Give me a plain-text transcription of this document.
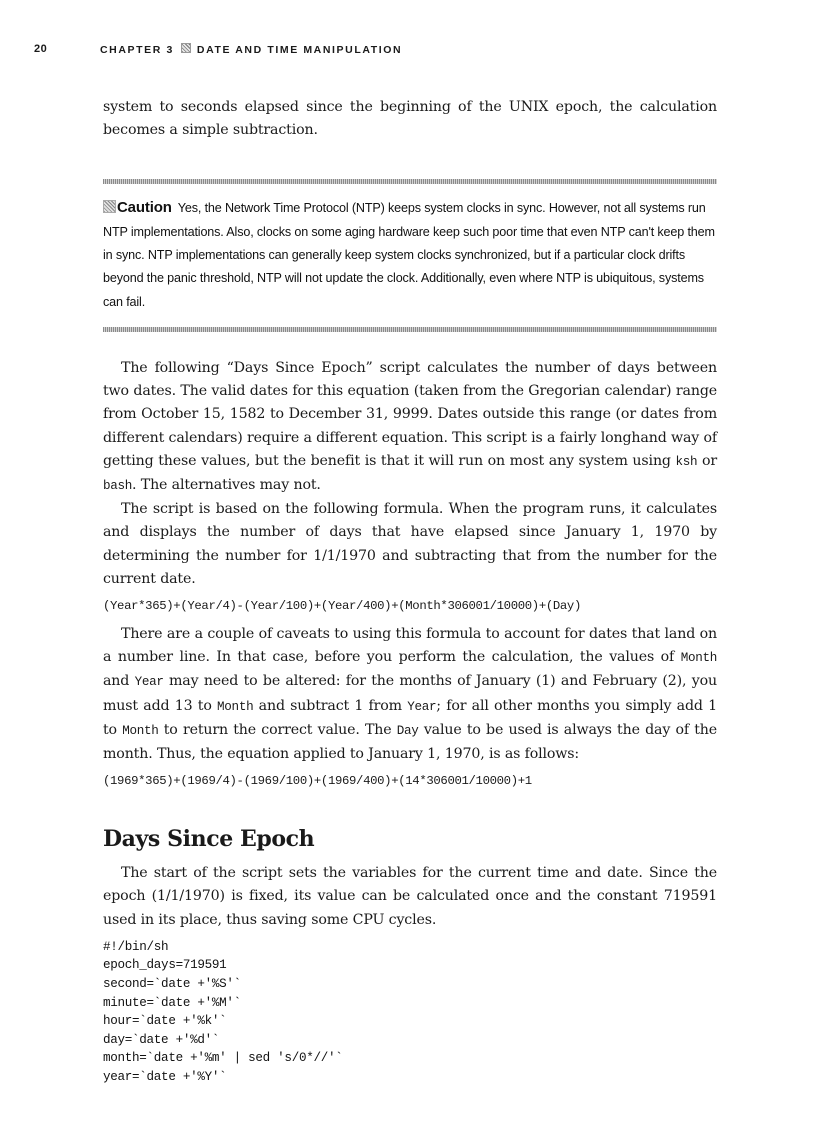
20	CHAPTER 3 DATE AND TIME MANIPULATION

system to seconds elapsed since the beginning of the UNIX epoch, the calculation becomes a simple subtraction.

Caution Yes, the Network Time Protocol (NTP) keeps system clocks in sync. However, not all systems run NTP implementations. Also, clocks on some aging hardware keep such poor time that even NTP can't keep them in sync. NTP implementations can generally keep system clocks synchronized, but if a particular clock drifts beyond the panic threshold, NTP will not update the clock. Additionally, even where NTP is ubiquitous, systems can fail.

The following “Days Since Epoch” script calculates the number of days between two dates. The valid dates for this equation (taken from the Gregorian calendar) range from October 15, 1582 to December 31, 9999. Dates outside this range (or dates from different calendars) require a different equation. This script is a fairly longhand way of getting these values, but the benefit is that it will run on most any system using ksh or bash. The alternatives may not.

The script is based on the following formula. When the program runs, it calculates and displays the number of days that have elapsed since January 1, 1970 by determining the number for 1/1/1970 and subtracting that from the number for the current date.

(Year*365)+(Year/4)-(Year/100)+(Year/400)+(Month*306001/10000)+(Day)

There are a couple of caveats to using this formula to account for dates that land on a number line. In that case, before you perform the calculation, the values of Month and Year may need to be altered: for the months of January (1) and February (2), you must add 13 to Month and subtract 1 from Year; for all other months you simply add 1 to Month to return the correct value. The Day value to be used is always the day of the month. Thus, the equation applied to January 1, 1970, is as follows:

(1969*365)+(1969/4)-(1969/100)+(1969/400)+(14*306001/10000)+1
Days Since Epoch

The start of the script sets the variables for the current time and date. Since the epoch (1/1/1970) is fixed, its value can be calculated once and the constant 719591 used in its place, thus saving some CPU cycles.

#!/bin/sh
epoch_days=719591
second=`date +'%S'`
minute=`date +'%M'`
hour=`date +'%k'`
day=`date +'%d'`
month=`date +'%m' | sed 's/0*//'`
year=`date +'%Y'`
